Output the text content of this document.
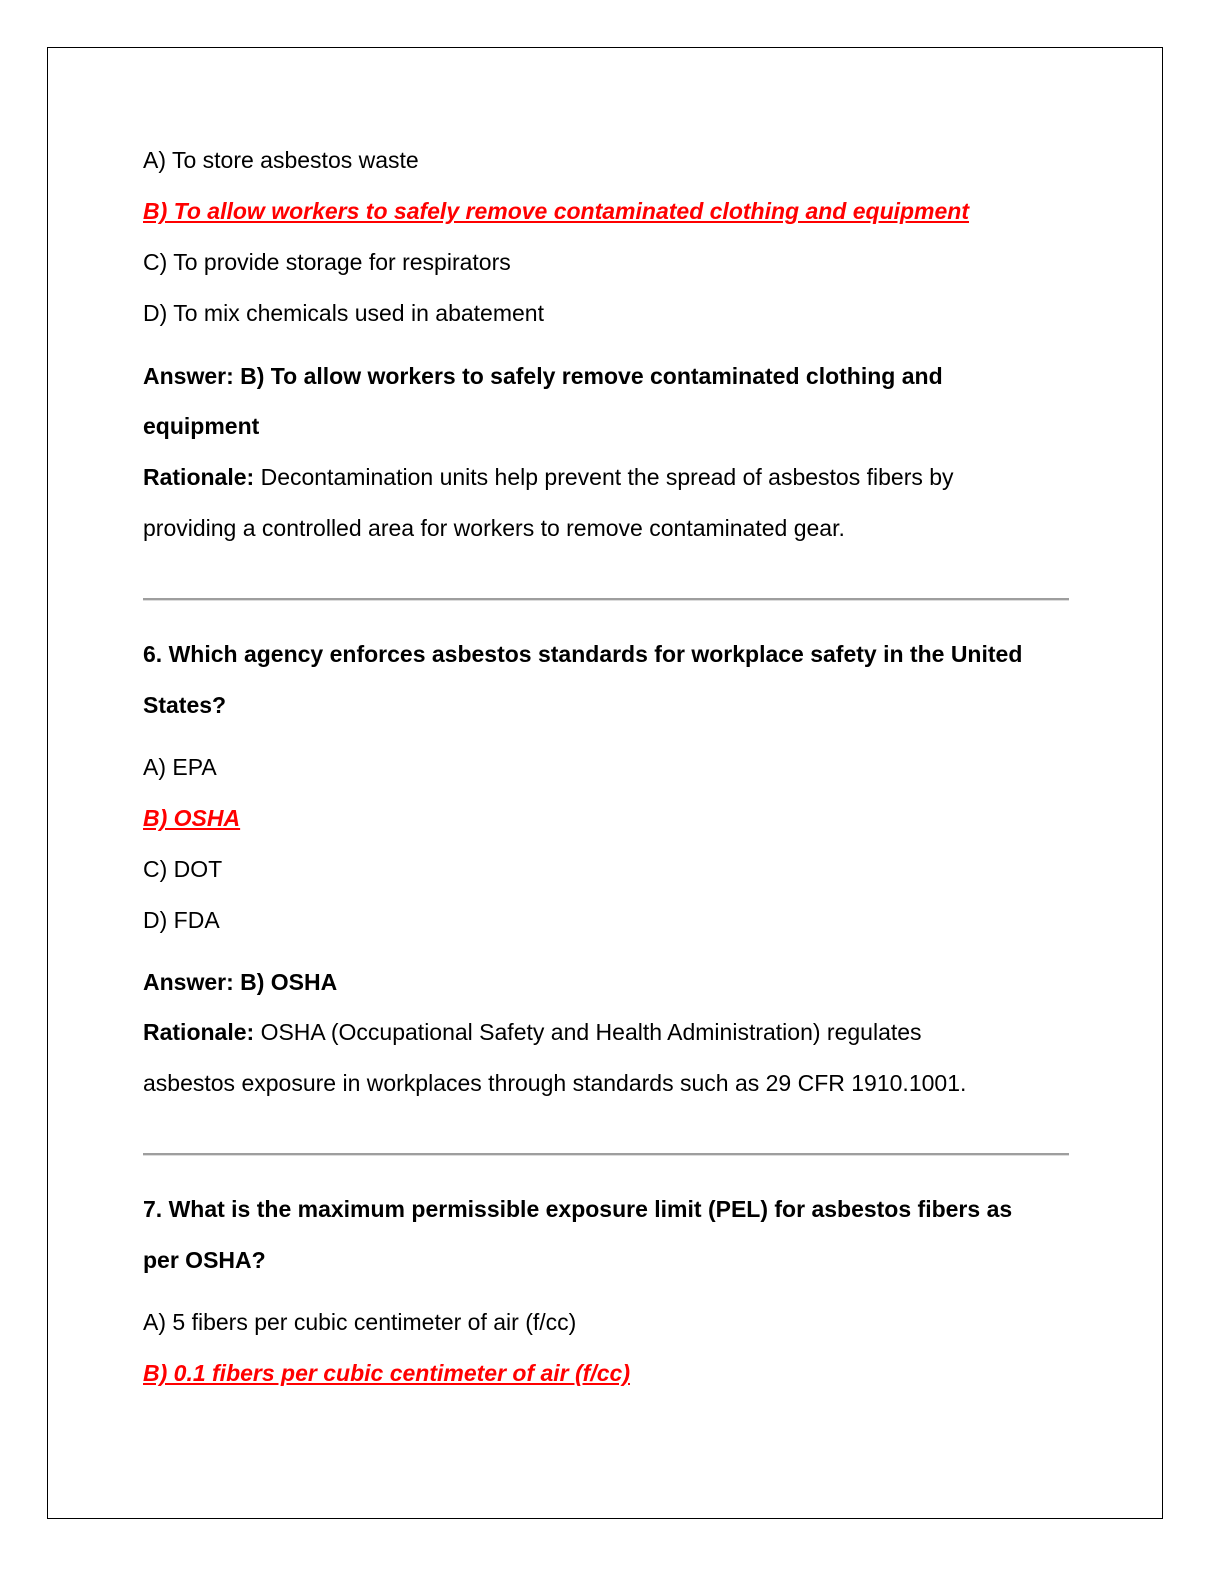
A) To store asbestos waste
B) To allow workers to safely remove contaminated clothing and equipment
C) To provide storage for respirators
D) To mix chemicals used in abatement
Answer: B) To allow workers to safely remove contaminated clothing and
equipment
Rationale: Decontamination units help prevent the spread of asbestos fibers by
providing a controlled area for workers to remove contaminated gear.
6. Which agency enforces asbestos standards for workplace safety in the United
States?
A) EPA
B) OSHA
C) DOT
D) FDA
Answer: B) OSHA
Rationale: OSHA (Occupational Safety and Health Administration) regulates
asbestos exposure in workplaces through standards such as 29 CFR 1910.1001.
7. What is the maximum permissible exposure limit (PEL) for asbestos fibers as
per OSHA?
A) 5 fibers per cubic centimeter of air (f/cc)
B) 0.1 fibers per cubic centimeter of air (f/cc)
